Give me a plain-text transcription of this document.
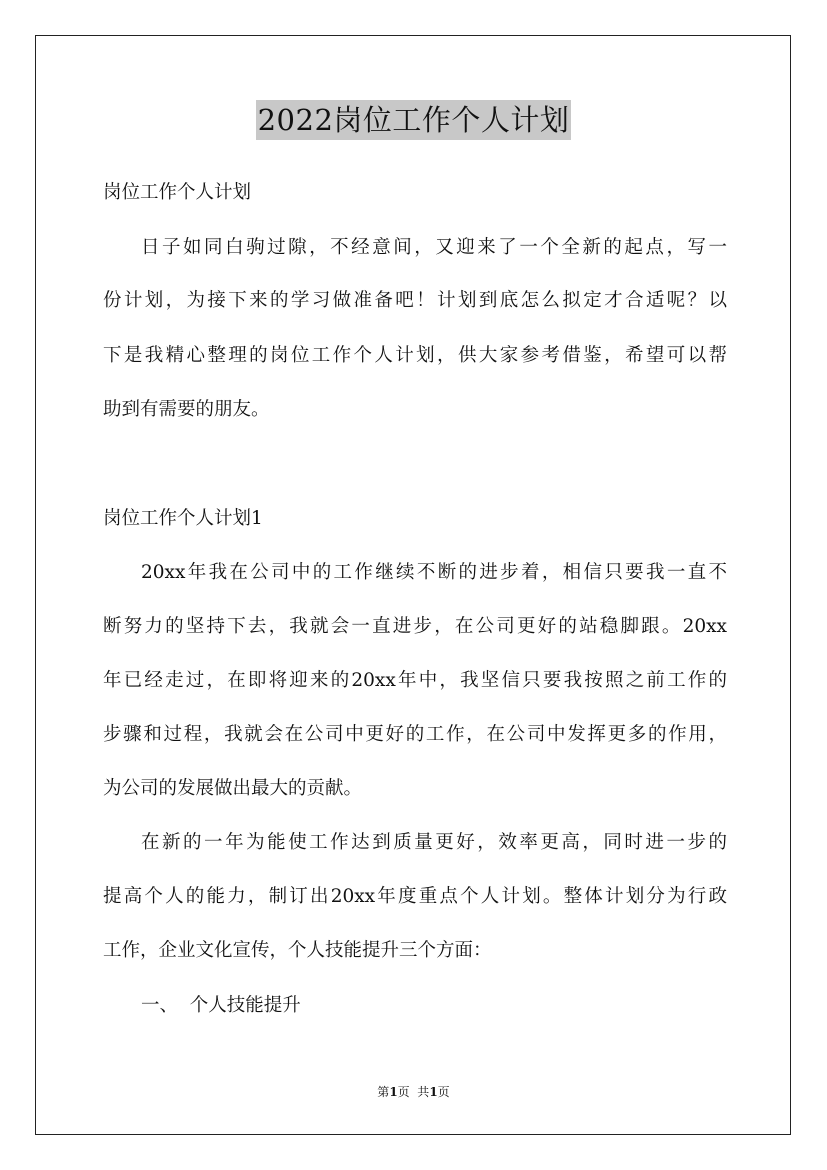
2022岗位工作个人计划
岗位工作个人计划
日子如同白驹过隙，不经意间，又迎来了一个全新的起点，写一
份计划，为接下来的学习做准备吧！计划到底怎么拟定才合适呢？以
下是我精心整理的岗位工作个人计划，供大家参考借鉴，希望可以帮
助到有需要的朋友。
岗位工作个人计划1
20xx年我在公司中的工作继续不断的进步着，相信只要我一直不
断努力的坚持下去，我就会一直进步，在公司更好的站稳脚跟。20xx
年已经走过，在即将迎来的20xx年中，我坚信只要我按照之前工作的
步骤和过程，我就会在公司中更好的工作，在公司中发挥更多的作用，
为公司的发展做出最大的贡献。
在新的一年为能使工作达到质量更好，效率更高，同时进一步的
提高个人的能力，制订出20xx年度重点个人计划。整体计划分为行政
工作，企业文化宣传，个人技能提升三个方面：
一、  个人技能提升
第1页  共1页
